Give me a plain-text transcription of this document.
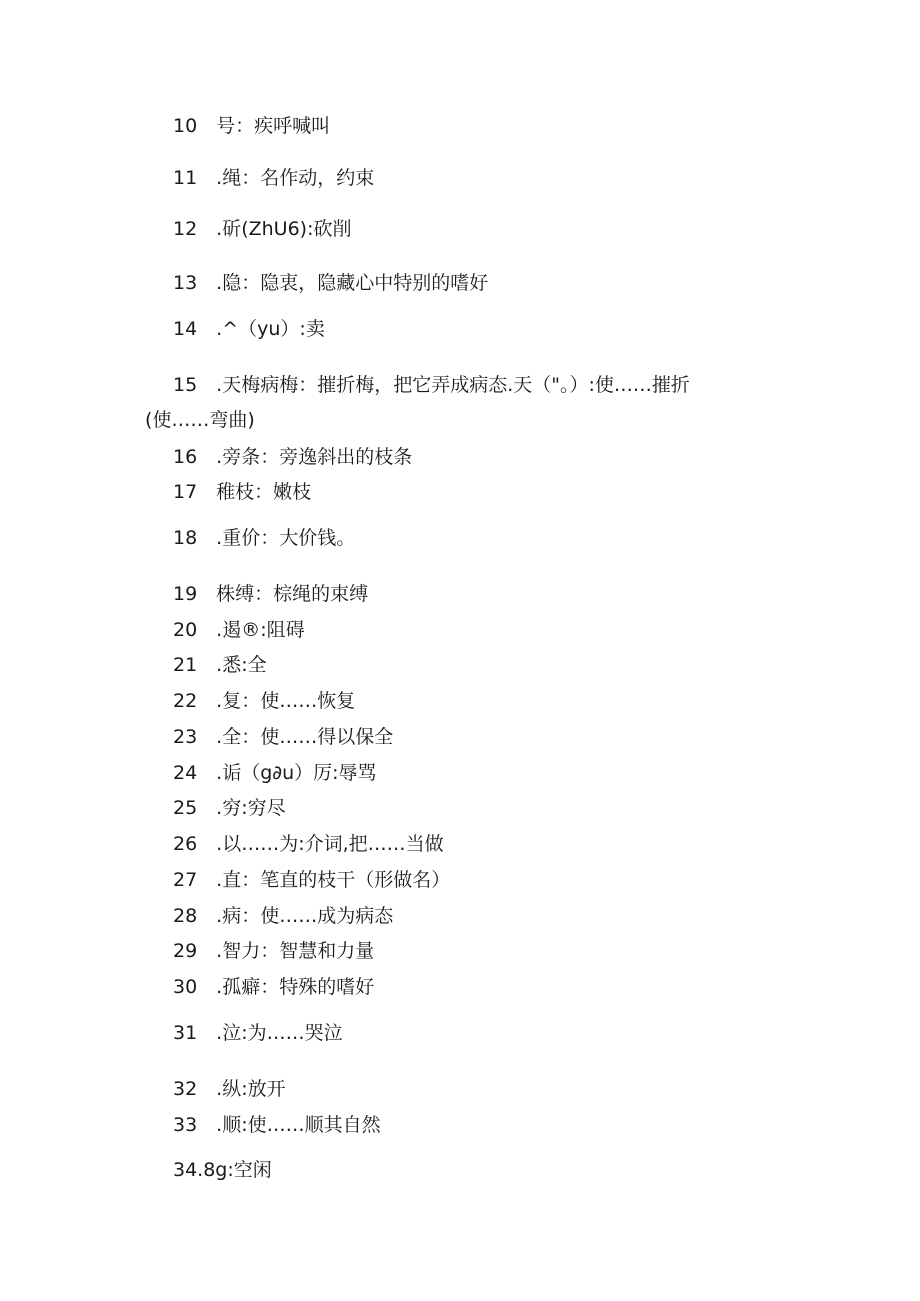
10　号：疾呼喊叫
11　.绳：名作动，约束
12　.斫(ZhU6):砍削
13　.隐：隐衷，隐藏心中特别的嗜好
14　.^（yu）:卖
15　.天梅病梅：摧折梅，把它弄成病态.天（"。）:使……摧折
(使……弯曲)
16　.旁条：旁逸斜出的枝条
17　稚枝：嫩枝
18　.重价：大价钱。
19　株缚：棕绳的束缚
20　.遏®:阻碍
21　.悉:全
22　.复：使……恢复
23　.全：使……得以保全
24　.诟（g∂u）厉:辱骂
25　.穷:穷尽
26　.以……为:介词,把……当做
27　.直：笔直的枝干（形做名）
28　.病：使……成为病态
29　.智力：智慧和力量
30　.孤癖：特殊的嗜好
31　.泣:为……哭泣
32　.纵:放开
33　.顺:使……顺其自然
34.8g:空闲
